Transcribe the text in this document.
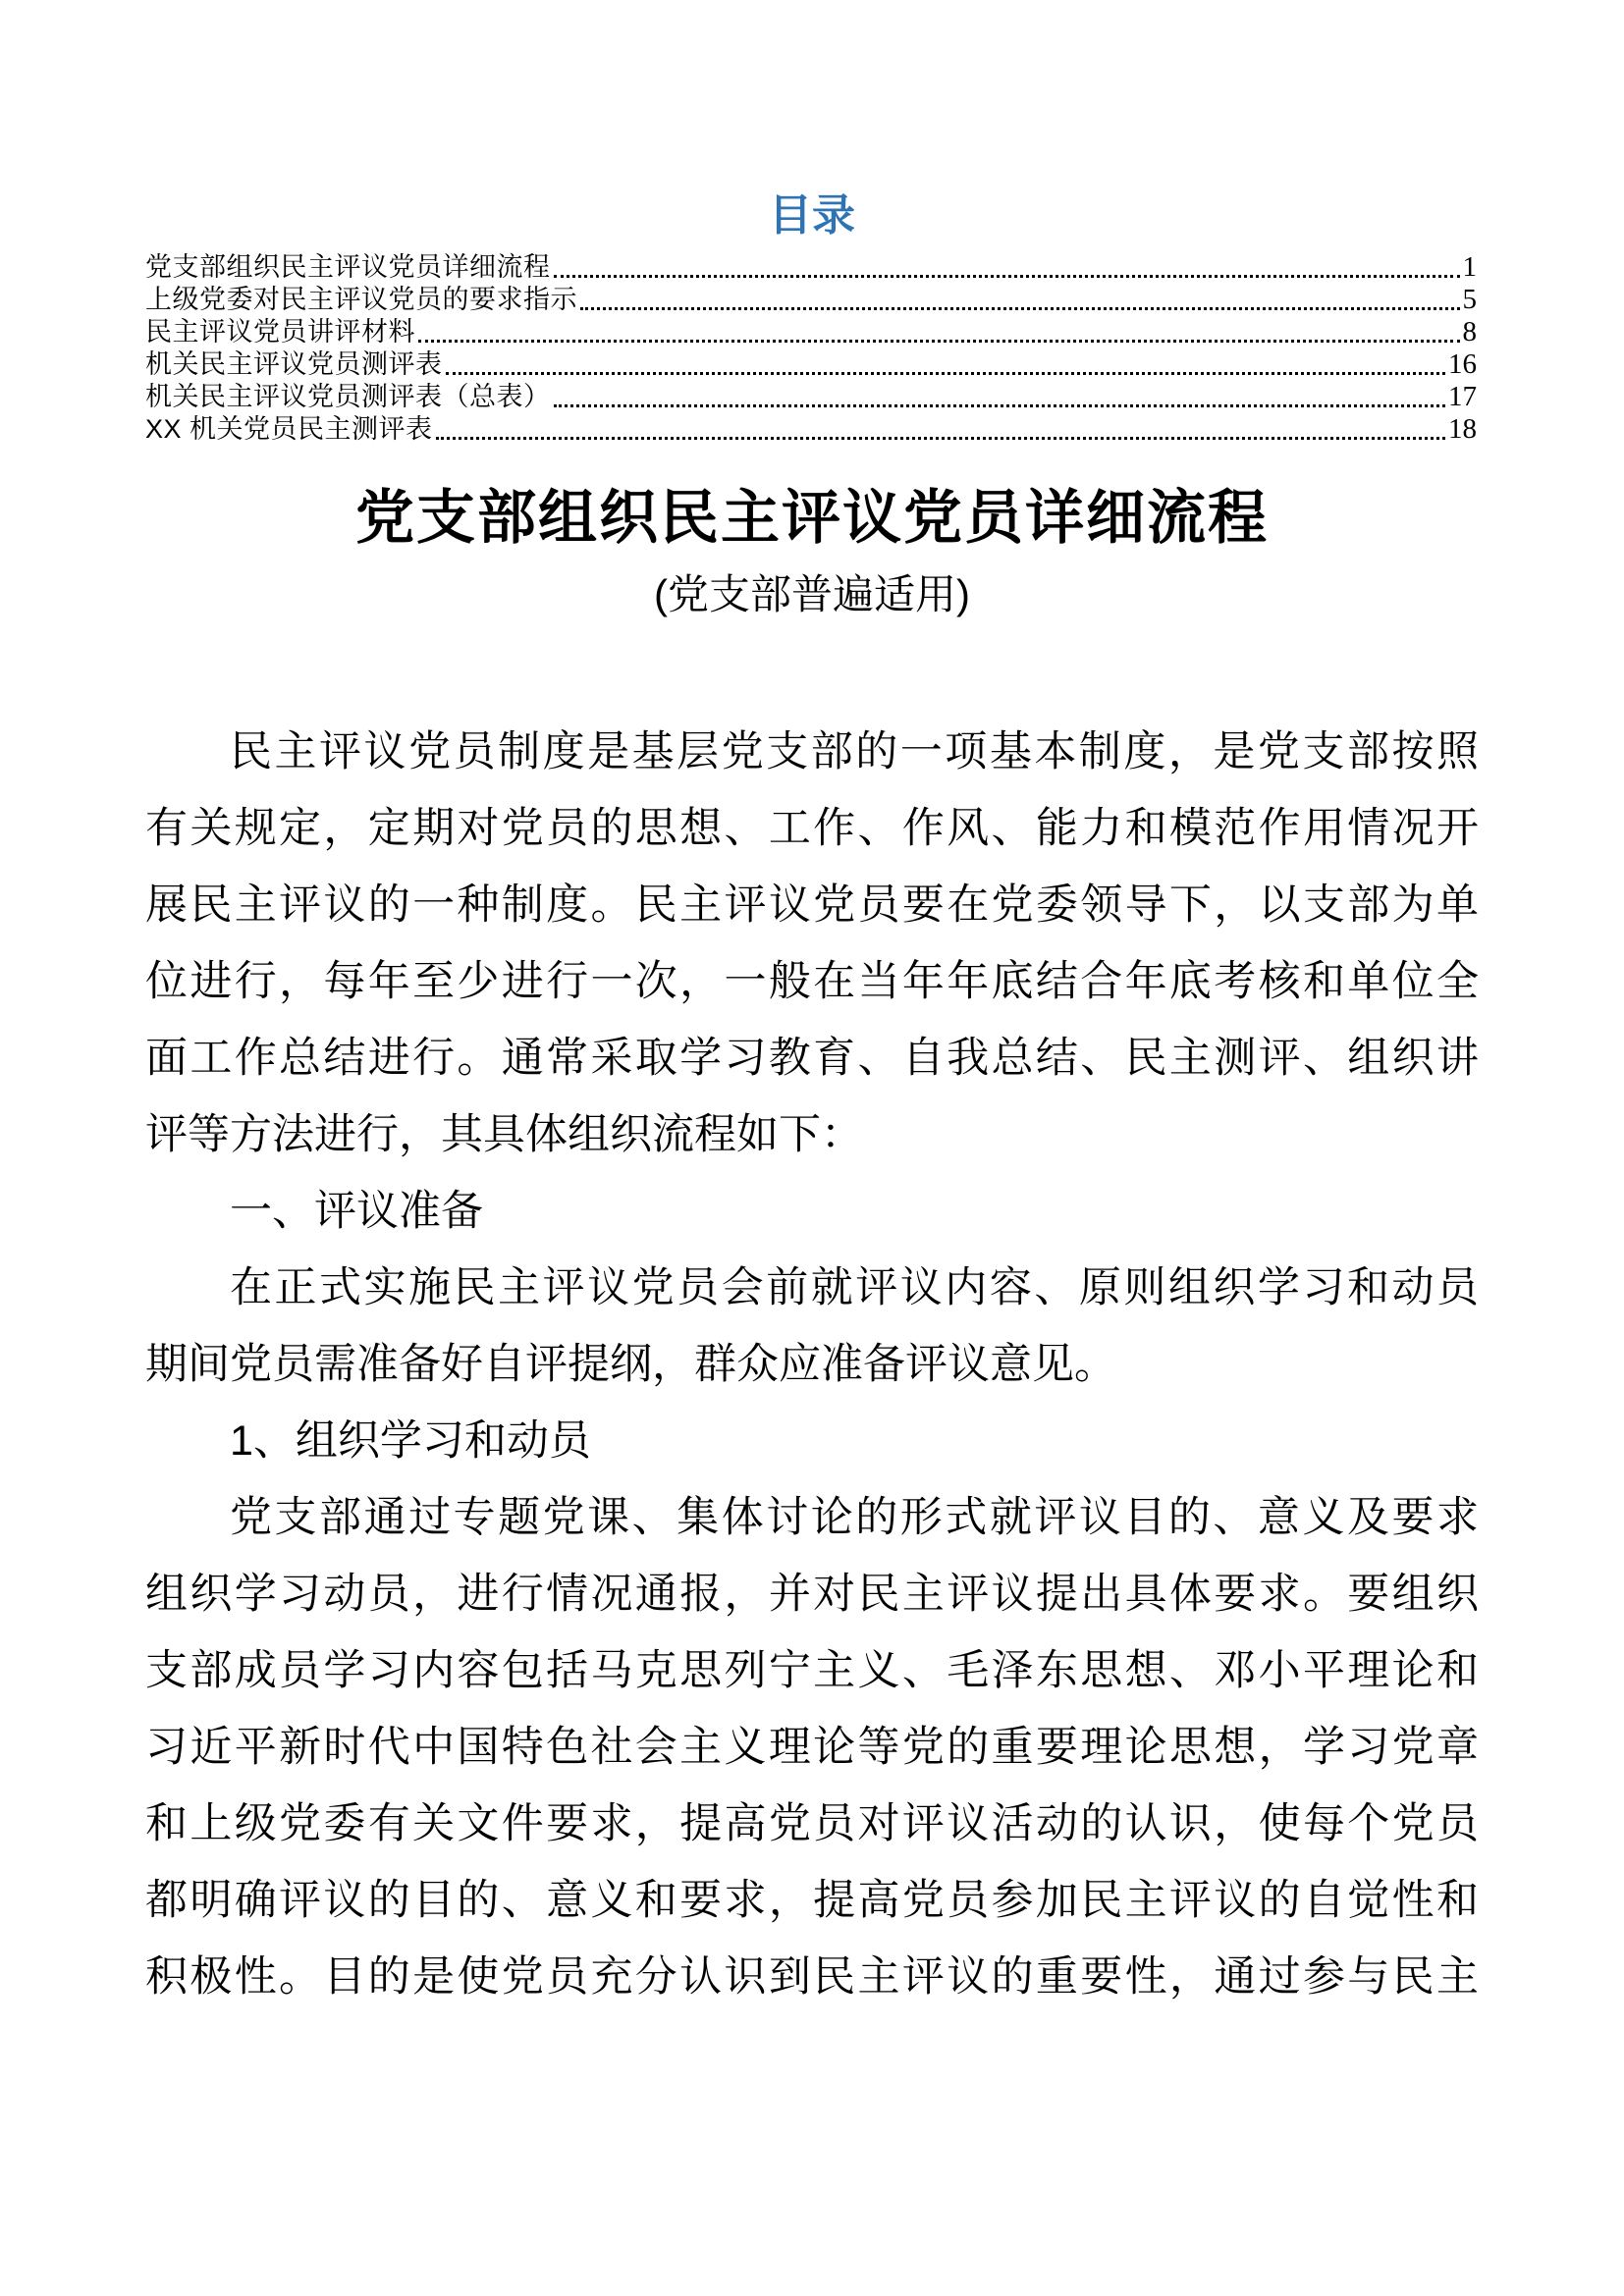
目录
党支部组织民主评议党员详细流程	1
上级党委对民主评议党员的要求指示	5
民主评议党员讲评材料	8
机关民主评议党员测评表	16
机关民主评议党员测评表（总表）	17
XX 机关党员民主测评表	18
党支部组织民主评议党员详细流程
(党支部普遍适用)
民主评议党员制度是基层党支部的一项基本制度，是党支部按照
有关规定，定期对党员的思想、工作、作风、能力和模范作用情况开
展民主评议的一种制度。民主评议党员要在党委领导下，以支部为单
位进行，每年至少进行一次，一般在当年年底结合年底考核和单位全
面工作总结进行。通常采取学习教育、自我总结、民主测评、组织讲
评等方法进行，其具体组织流程如下：
一、评议准备
在正式实施民主评议党员会前就评议内容、原则组织学习和动员
期间党员需准备好自评提纲，群众应准备评议意见。
1、组织学习和动员
党支部通过专题党课、集体讨论的形式就评议目的、意义及要求
组织学习动员，进行情况通报，并对民主评议提出具体要求。要组织
支部成员学习内容包括马克思列宁主义、毛泽东思想、邓小平理论和
习近平新时代中国特色社会主义理论等党的重要理论思想，学习党章
和上级党委有关文件要求，提高党员对评议活动的认识，使每个党员
都明确评议的目的、意义和要求，提高党员参加民主评议的自觉性和
积极性。目的是使党员充分认识到民主评议的重要性，通过参与民主
